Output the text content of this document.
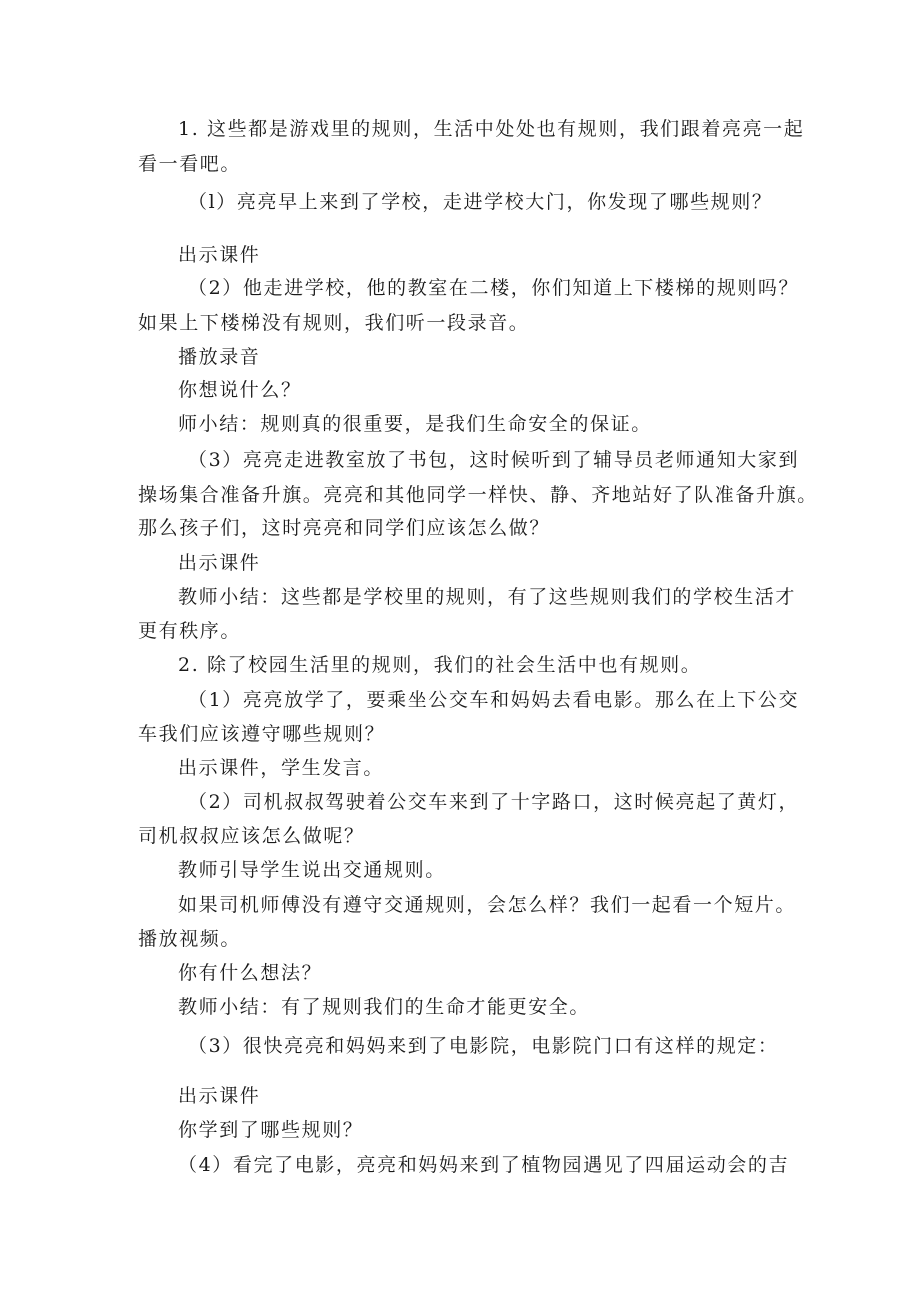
1. 这些都是游戏里的规则，生活中处处也有规则，我们跟着亮亮一起

看一看吧。

（l）亮亮早上来到了学校，走进学校大门，你发现了哪些规则？

出示课件

（2）他走进学校，他的教室在二楼，你们知道上下楼梯的规则吗？

如果上下楼梯没有规则，我们听一段录音。

播放录音

你想说什么？

师小结：规则真的很重要，是我们生命安全的保证。

（3）亮亮走进教室放了书包，这时候听到了辅导员老师通知大家到

操场集合准备升旗。亮亮和其他同学一样快、静、齐地站好了队准备升旗。

那么孩子们，这时亮亮和同学们应该怎么做？

出示课件

教师小结：这些都是学校里的规则，有了这些规则我们的学校生活才

更有秩序。

2. 除了校园生活里的规则，我们的社会生活中也有规则。

（1）亮亮放学了，要乘坐公交车和妈妈去看电影。那么在上下公交

车我们应该遵守哪些规则？

出示课件，学生发言。

（2）司机叔叔驾驶着公交车来到了十字路口，这时候亮起了黄灯，

司机叔叔应该怎么做呢？

教师引导学生说出交通规则。

如果司机师傅没有遵守交通规则，会怎么样？我们一起看一个短片。

播放视频。

你有什么想法？

教师小结：有了规则我们的生命才能更安全。

（3）很快亮亮和妈妈来到了电影院，电影院门口有这样的规定：

出示课件

你学到了哪些规则？

（4）看完了电影，亮亮和妈妈来到了植物园遇见了四届运动会的吉
